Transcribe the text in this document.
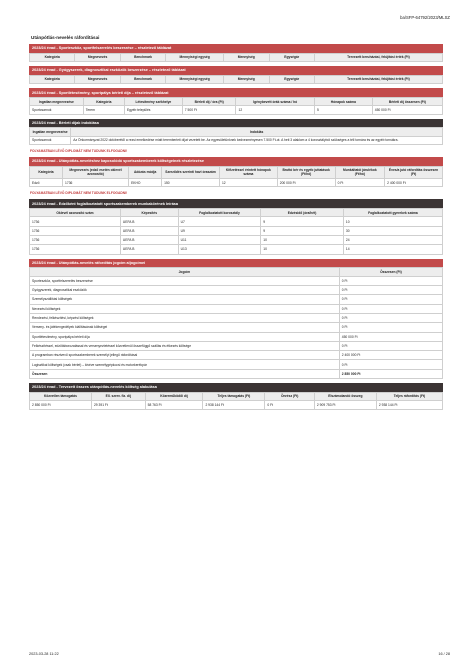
ba/SFP-64792/2023/MLSZ
Utánpótlás-nevelés ráfordításai
2023/24 évad - Sporteszköz, sportfelszerelés beszerzése – részletező táblázat
Kategória	Megnevezés	Benchmark	Mennyiségi egység	Mennyiség	Egységár	Tervezett beruházási, felújítási érték (Ft)
2023/24 évad - Gyógyszerek, diagnosztikai eszközök beszerzése – részletező táblázat
Kategória	Megnevezés	Benchmark	Mennyiségi egység	Mennyiség	Egységár	Tervezett beruházási, felújítási érték (Ft)
2023/24 évad - Sportlétesítmény, sportpálya bérleti díja – részletező táblázat
Ingatlan megnevezése	Kategória	Létesítmény székhelye	Bérleti díj / óra (Ft)	Igénybevett órák száma / hó	Hónapok száma	Bérleti díj összesen (Ft)
Sportcsarnok	Terem	Egyéb település	7 500 Ft	12	5	450 000 Ft
2023/24 évad - Bérleti díjak indoklása
Ingatlan megnevezése	Indoklás
Sportcsarnok	Az Önkormányzat 2022 októberétől a rezsi emelkedése miatt teremberleti díjat vezetett be. Az egyesületünknek kedvezményesen 7.500 Ft-ot. A heti 3 alaklom a 4 korosztályból szükséges a téli tornára és az egyéb tornákra.
FOLYAMATBAN LÉVŐ DIPLOMÁT NEM TUDUNK ELFOGADNI!
2023/24 évad - Utánpótlás-neveléshez kapcsolódó sportszakemberek költségeinek részletezése
Kategória	Megnevezés (edző esetén oklevél azonosító)	Adózás módja	Szerződés szerinti havi óraszám	Kifizetéssel érintett hónapok száma	Bruttó bér és egyéb juttatások (Ft/hó)	Munkáltatói járulékok (Ft/hó)	Éves/a jutó ráfordítás összesen (Ft)
Edző	1736	EKHO	150	12	200 000 Ft	0 Ft	2 400 000 Ft
FOLYAMATBAN LÉVŐ DIPLOMÁT NEM TUDUNK ELFOGADNI!
2023/24 évad - Edzőként foglalkoztatott sportszakemberek munkakörének leírása
Oklevél azonosító szám	Képesítés	Foglalkoztatott korosztály	Edzésidő (óra/hét)	Foglalkoztatott gyerekek száma
1736	UEFA B	U7	9	10
1736	UEFA B	U9	9	30
1736	UEFA B	U11	10	24
1736	UEFA B	U13	10	14
2023/24 évad - Utánpótlás-nevelés ráfordítás jogcím aljogcímei
Jogcím	Összesen (Ft)
Sporteszköz, sportfelszerelés beszerzése	0 Ft
Gyógyszerek, diagnosztikai eszközök	0 Ft
Személyszállítási költségek	0 Ft
Nevezési költségek	0 Ft
Rendezési, felkészítési, képzési költségek	0 Ft
Verseny- és játékengedélyek kiállításának költségei	0 Ft
Sportlétesítmény, sportpálya bérleti díja	450 000 Ft
Felkészítéssel, edzőtáborozatással és versenyeztetéssel közvetlenül összefüggő szállás és étkezés költsége	0 Ft
A programban résztvevő sportszakemberek személyi jellegű ráfordításai	2 400 000 Ft
Logisztikai költségek (csak bérlet) – kivéve személygépkocsi és motorkerékpár	0 Ft
Összesen	2 850 000 Ft
2023/24 évad - Tervezett összes utánpótlás-nevelés költség alakulása
Közvetlen támogatás	Ell. szerv. fiz. díj	Közreműködői díj	Teljes támogatás (Ft)	Önrész (Ft)	Elszámolandó összeg	Teljes ráfordítás (Ft)
2 850 000 Ft	29 391 Ft	58 763 Ft	2 938 144 Ft	0 Ft	2 909 753 Ft	2 938 144 Ft
2023-03-28 11:22	16 / 28
